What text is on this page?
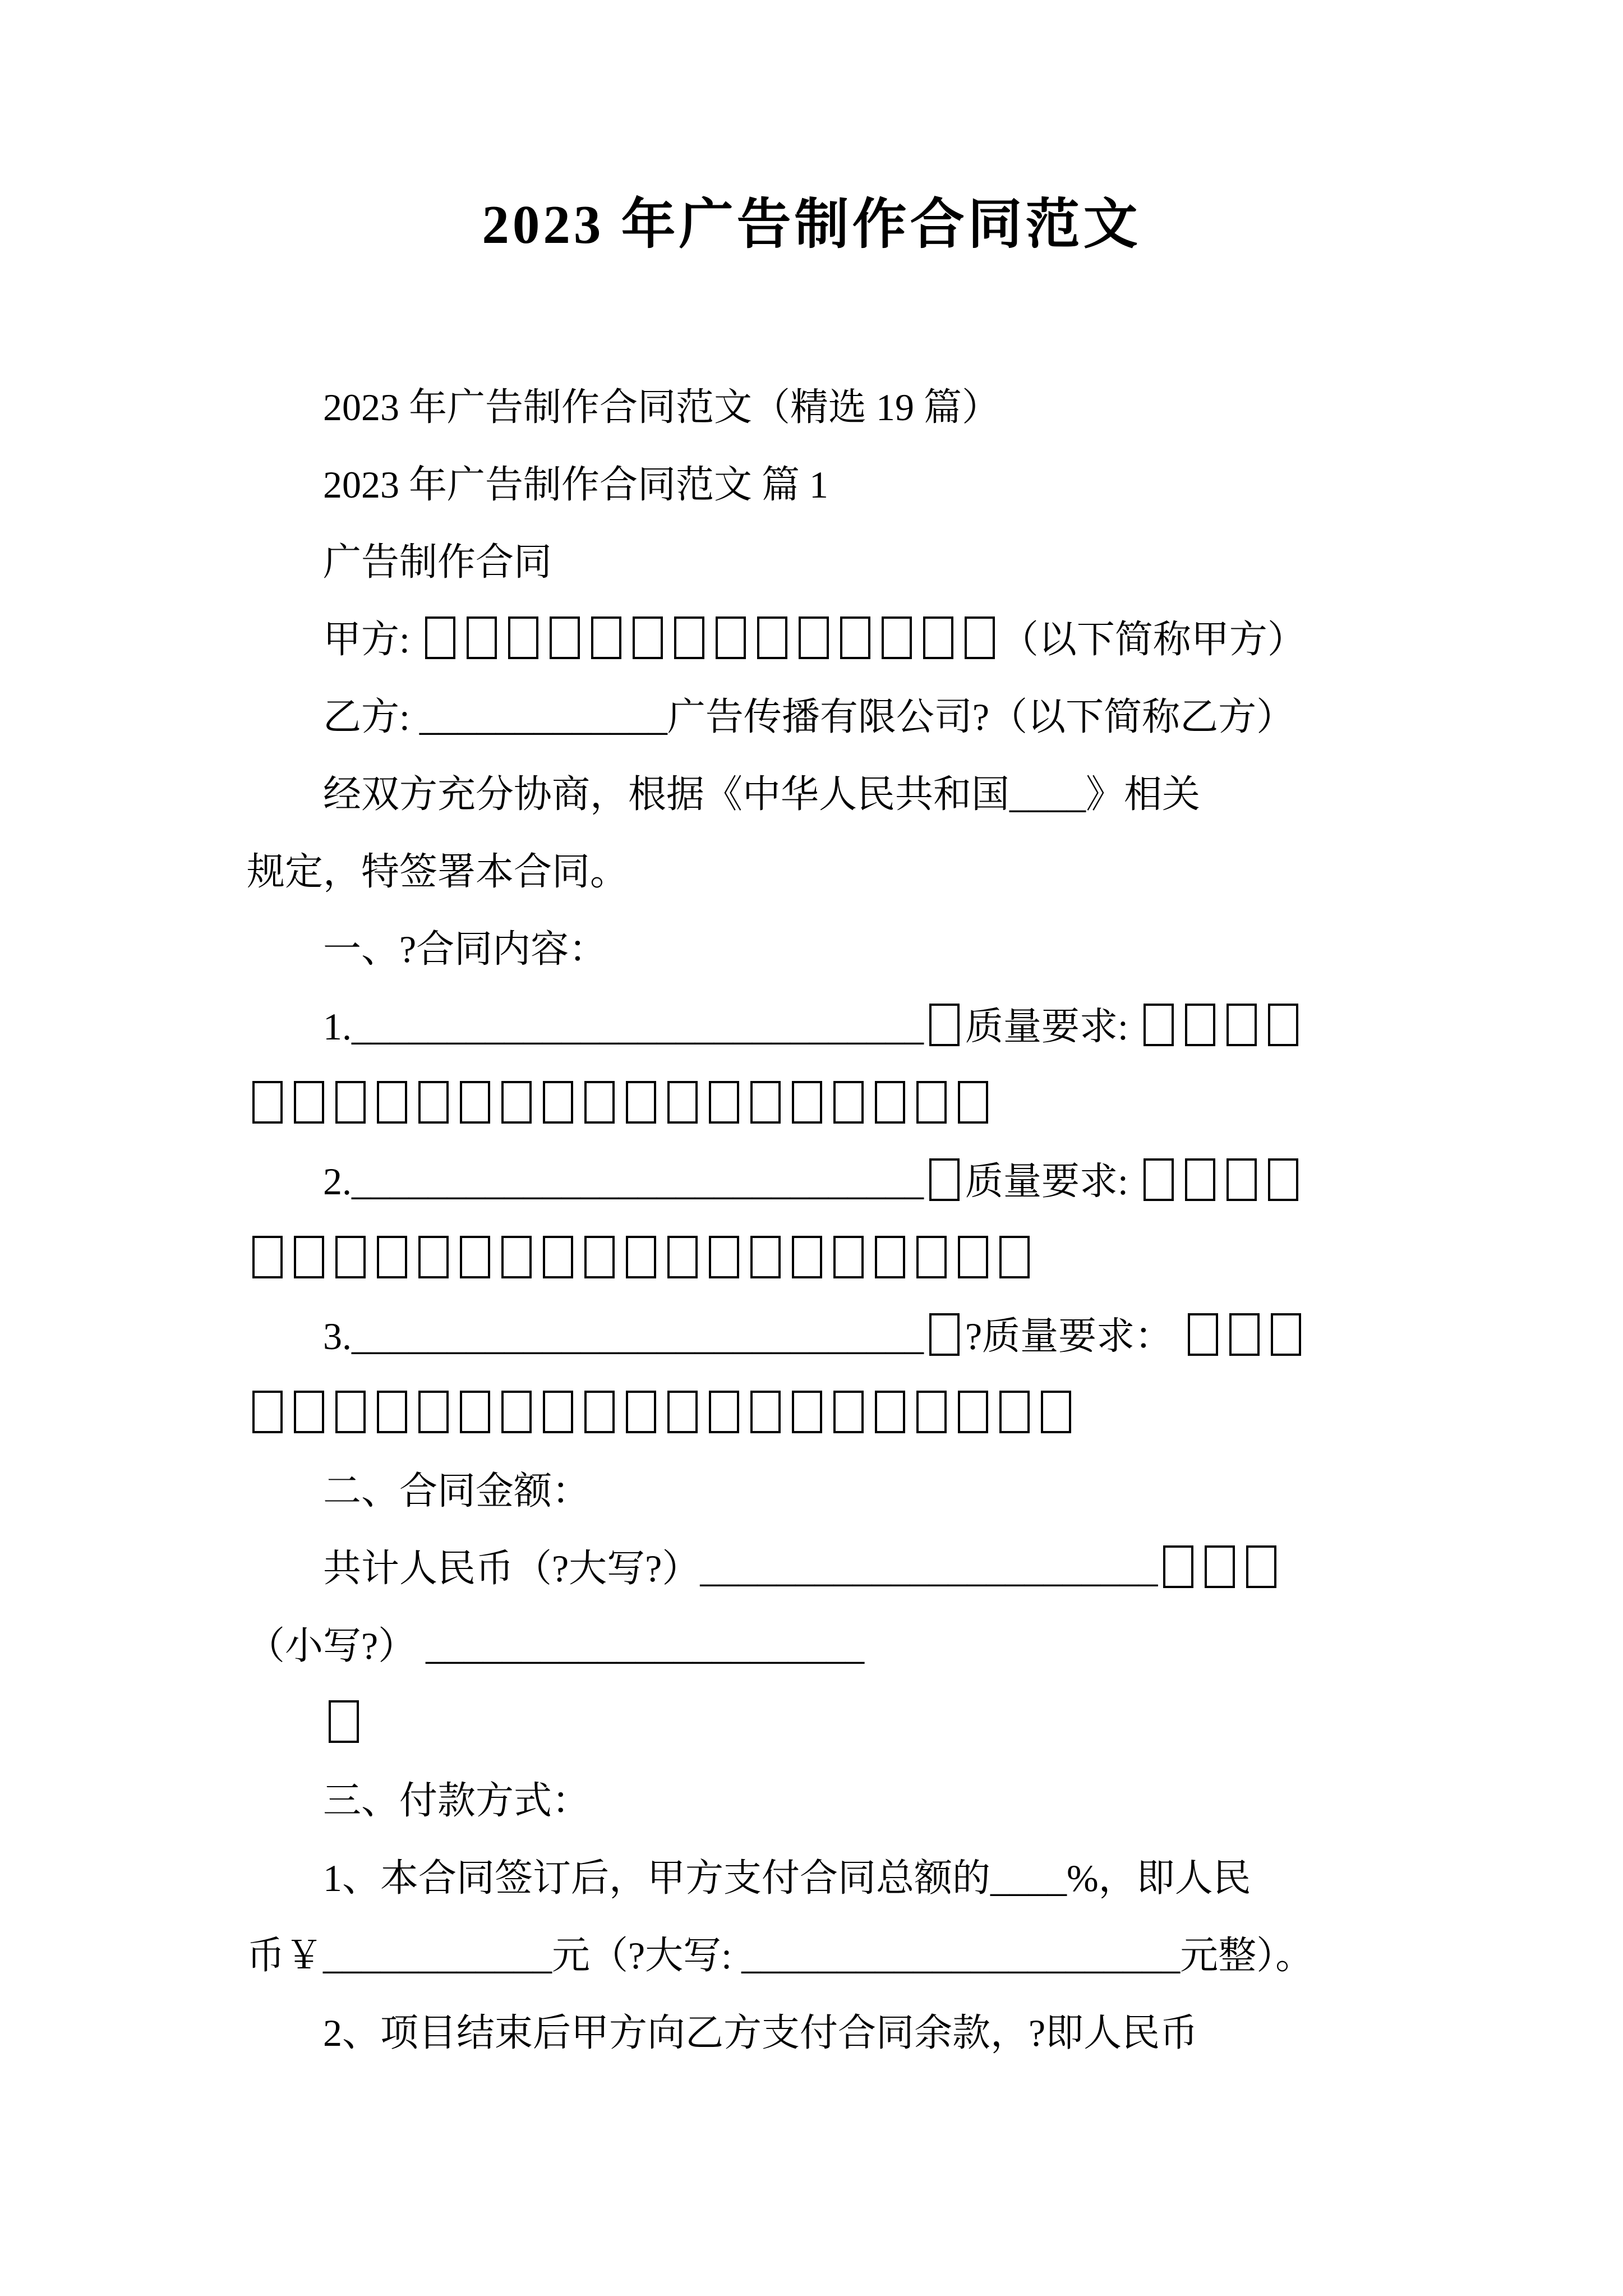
2023 年广告制作合同范文
2023 年广告制作合同范文（精选 19 篇）
2023 年广告制作合同范文 篇 1
广告制作合同
甲方:	（以下简称甲方）
乙方: _____________广告传播有限公司?（以下简称乙方）
经双方充分协商，根据《中华人民共和国____》相关
规定，特签署本合同。
一、?合同内容：
1.______________________________ 质量要求:
2.______________________________ 质量要求:
3.______________________________ ?质量要求：
二、合同金额：
共计人民币（?大写?）________________________
（小写?） _______________________
三、付款方式：
1、本合同签订后，甲方支付合同总额的____%，即人民
币￥____________元（?大写: _______________________元整）。
2、项目结束后甲方向乙方支付合同余款，?即人民币
